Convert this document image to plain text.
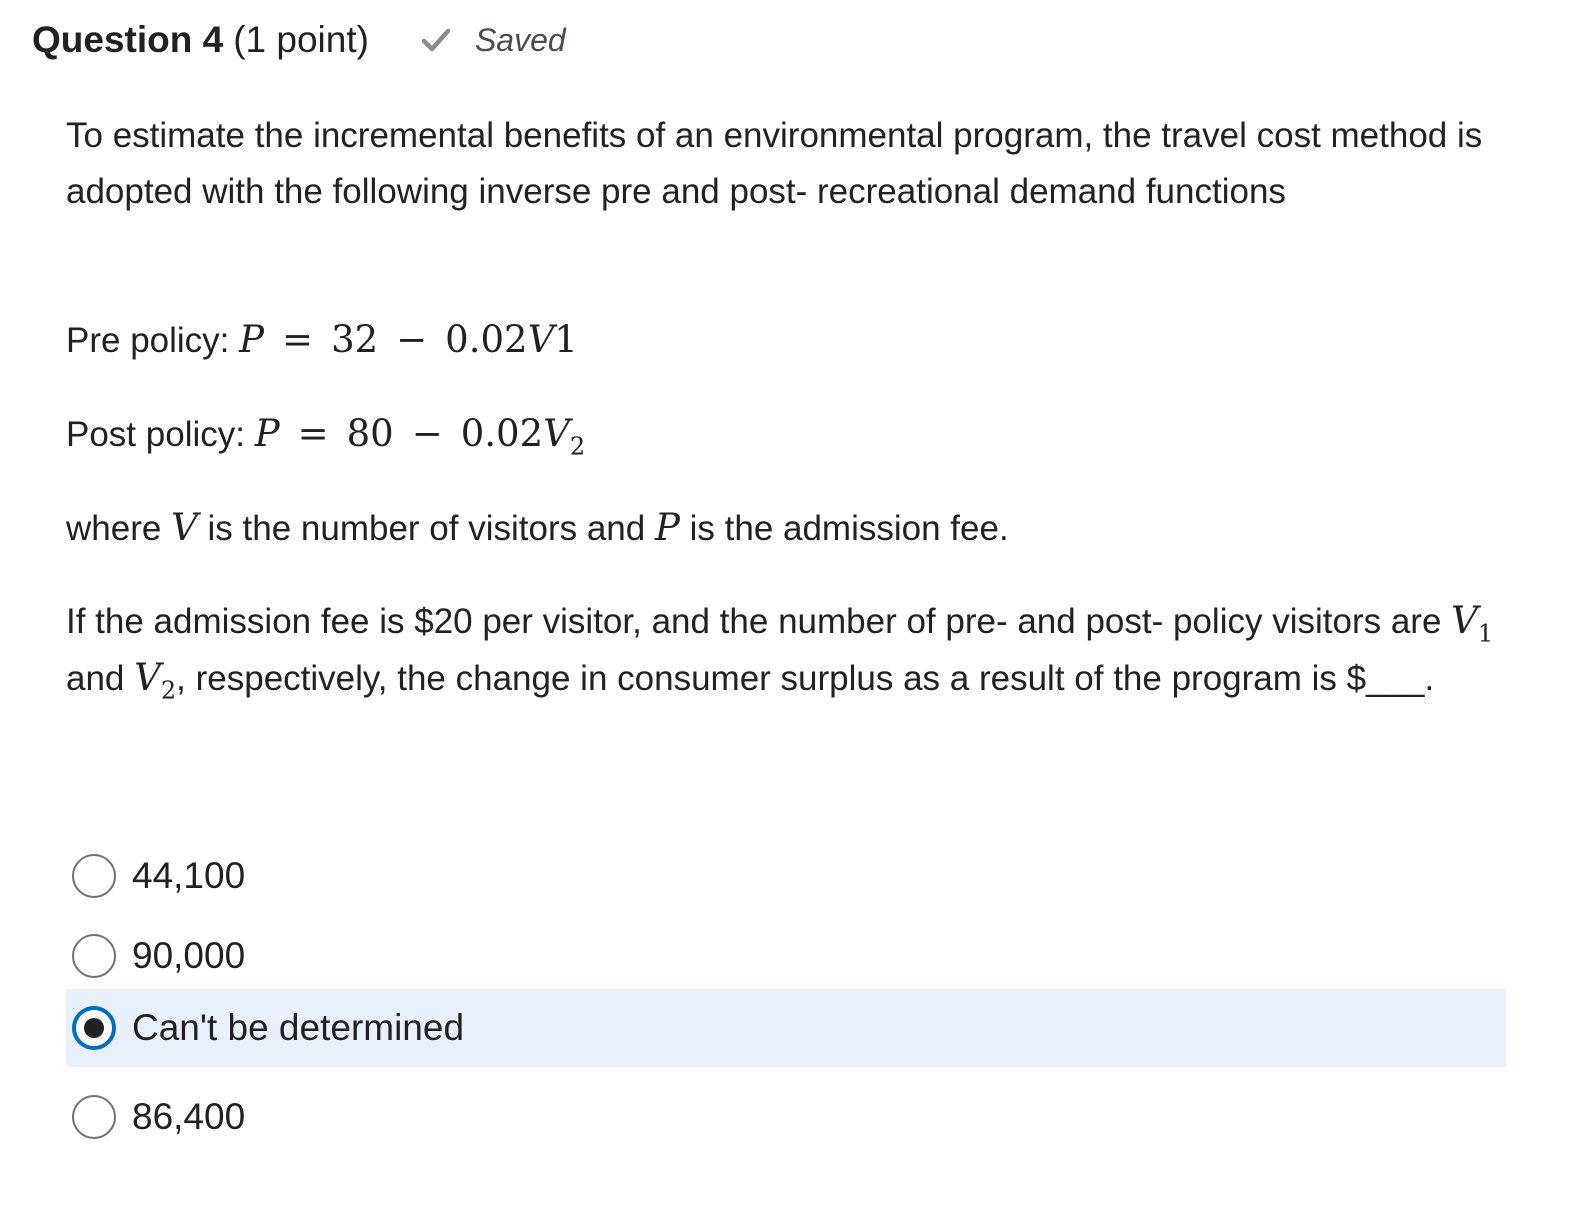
Question 4 (1 point)	Saved
To estimate the incremental benefits of an environmental program, the travel cost method is adopted with the following inverse pre and post- recreational demand functions
Pre policy: P = 32 − 0.02V1
Post policy: $P = 80 - 0.02V_2$
where V is the number of visitors and P is the admission fee.
If the admission fee is $20 per visitor, and the number of pre- and post- policy visitors are $V_1$ and $V_2$, respectively, the change in consumer surplus as a result of the program is $___.
44,100
90,000
Can't be determined
86,400
